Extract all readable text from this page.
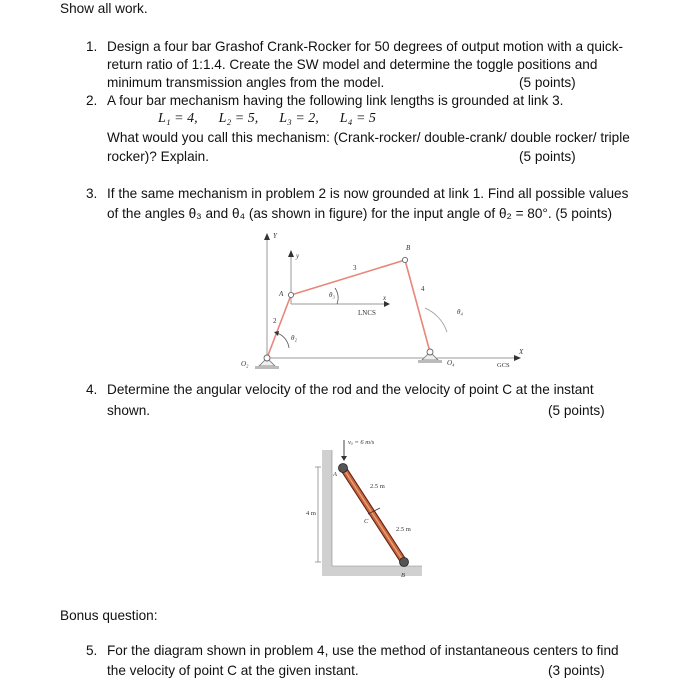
Show all work.
1. Design a four bar Grashof Crank-Rocker for 50 degrees of output motion with a quick-
return ratio of 1:1.4. Create the SW model and determine the toggle positions and
minimum transmission angles from the model.	(5 points)
2. A four bar mechanism having the following link lengths is grounded at link 3.
L₁ = 4,      L₂ = 5,      L₃ = 2,      L₄ = 5
What would you call this mechanism: (Crank-rocker/ double-crank/ double rocker/ triple
rocker)? Explain.	(5 points)
3. If the same mechanism in problem 2 is now grounded at link 1. Find all possible values
of the angles θ₃ and θ₄ (as shown in figure) for the input angle of θ₂ = 80°. (5 points)
Y
X
y
x
LNCS
θ₃
θ₂
θ₄
A
B
2
3
4
O₂	O₄	GCS
4. Determine the angular velocity of the rod and the velocity of point C at the instant
shown.	(5 points)
4 m
vₐ = 6 m/s
A
C
B
2.5 m
2.5 m
Bonus question:
5. For the diagram shown in problem 4, use the method of instantaneous centers to find
the velocity of point C at the given instant.	(3 points)
